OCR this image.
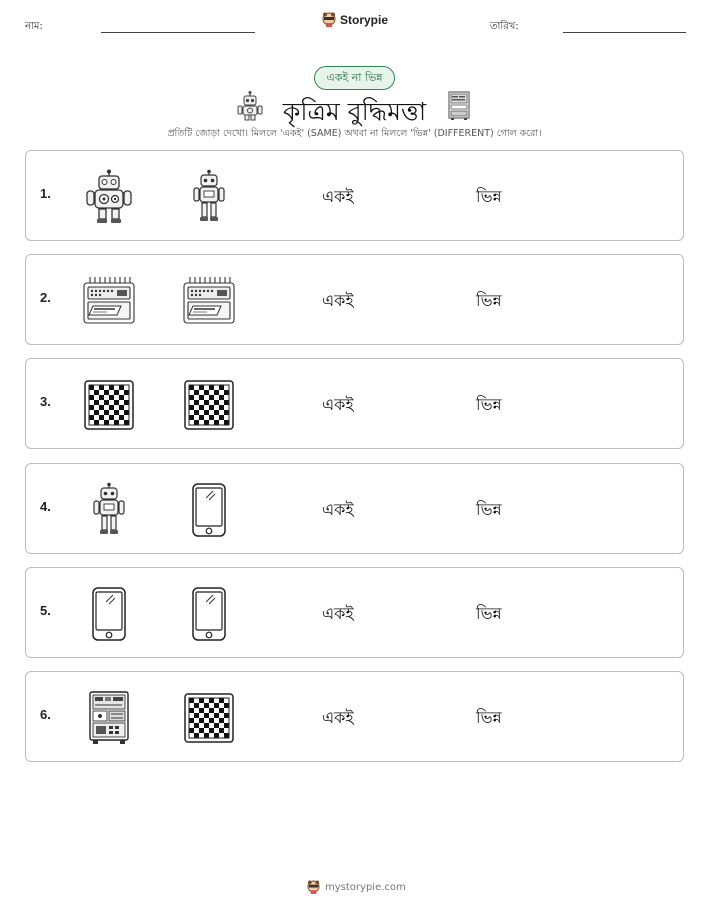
নাম:	Storypie	তারিখ:
একই না ভিন্ন
কৃত্রিম বুদ্ধিমত্তা
প্রতিটি জোড়া দেখো। মিললে 'একই' (SAME) অথবা না মিললে 'ভিন্ন' (DIFFERENT) গোল করো।
1.	একই	ভিন্ন
2.	একই	ভিন্ন
3.	একই	ভিন্ন
4.	একই	ভিন্ন
5.	একই	ভিন্ন
6.	একই	ভিন্ন
mystorypie.com
